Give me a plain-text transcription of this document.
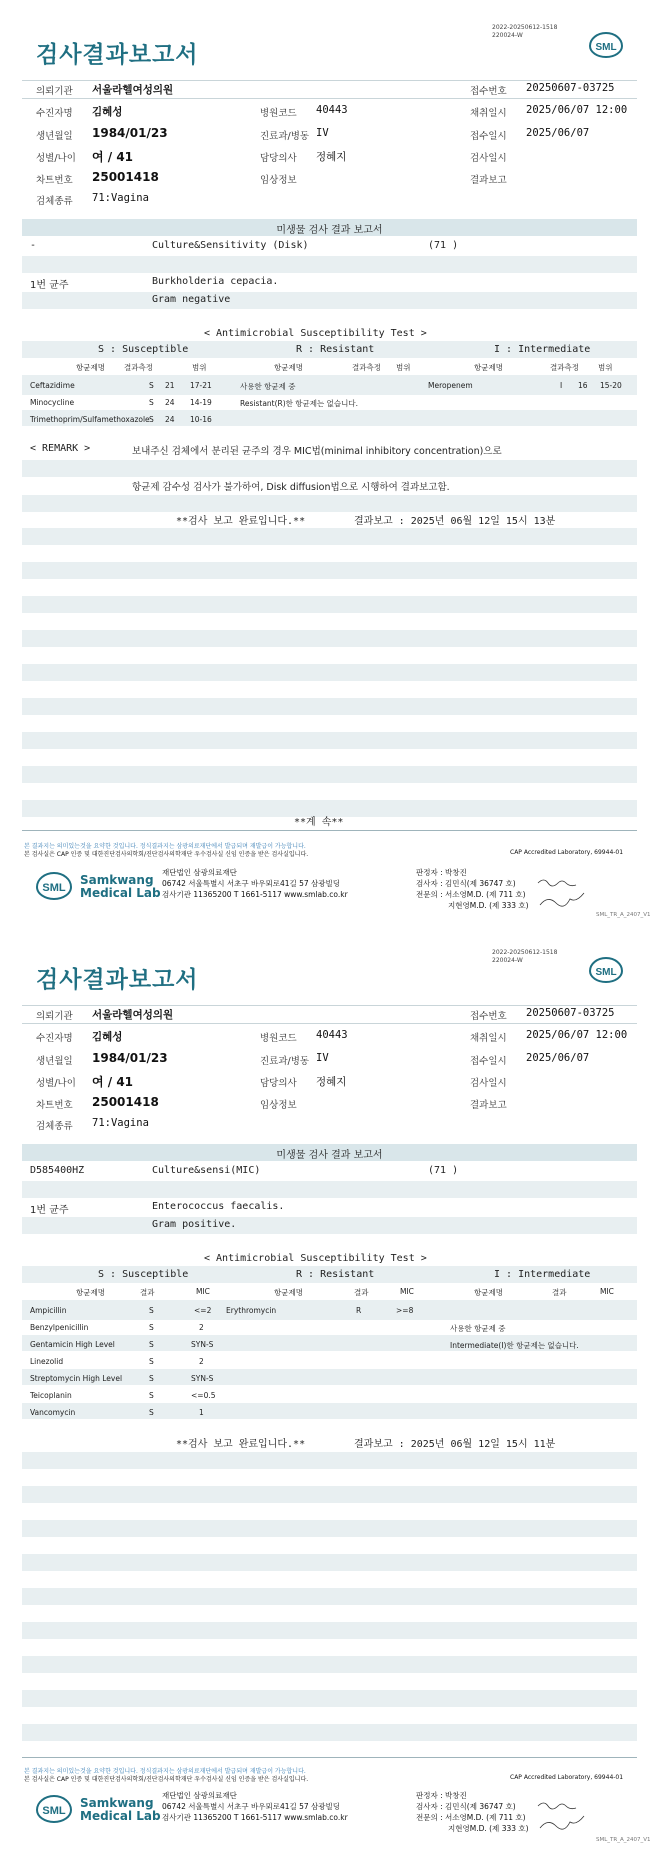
검사결과보고서
2022-20250612-1518
220024-W
SML
의뢰기관 서울라헬여성의원	접수번호 20250607-03725
수진자명 김혜성	병원코드 40443	채취일시 2025/06/07 12:00
생년월일 1984/01/23	진료과/병동 IV	접수일시 2025/06/07
성별/나이 여 / 41	담당의사 정혜지	검사일시
차트번호 25001418	임상정보	결과보고
검체종류 71:Vagina
미생물 검사 결과 보고서
-	Culture&Sensitivity (Disk)	(71 )
1번 균주	Burkholderia cepacia.
Gram negative
< Antimicrobial Susceptibility Test >
S : Susceptible	R : Resistant	I : Intermediate
항균제명	결과측정	범위	항균제명	결과측정 범위	항균제명	결과측정	범위
Ceftazidime	S 21 17-21	사용한 항균제 중	Meropenem	I 16 15-20
Minocycline	S 24 14-19	Resistant(R)한 항균제는 없습니다.
Trimethoprim/Sulfamethoxazole S 24 10-16
< REMARK >	보내주신 검체에서 분리된 균주의 경우 MIC법(minimal inhibitory concentration)으로
항균제 감수성 검사가 불가하여, Disk diffusion법으로 시행하여 결과보고함.
**검사 보고 완료입니다.**	결과보고 : 2025년 06월 12일 15시 13분
**계 속**
본 결과지는 의미있는것을 요약한 것입니다. 정식결과지는 삼광의료재단에서 발급되며 재발급이 가능합니다.
본 검사실은 CAP 인증 및 대한진단검사의학회/진단검사의학재단 우수검사실 신임 인증을 받은 검사실입니다.	CAP Accredited Laboratory, 69944-01
SML
Samkwang
Medical Lab
재단법인 삼광의료재단
06742 서울특별시 서초구 바우뫼로41길 57 삼광빌딩
검사기관 11365200 T 1661-5117 www.smlab.co.kr
판정자 : 박창진
검사자 : 김민식(제 36747 호)
전문의 : 서소영M.D. (제 711 호)
지현영M.D. (제 333 호)
SML_TR_A_2407_V1
검사결과보고서
2022-20250612-1518
220024-W
SML
의뢰기관 서울라헬여성의원	접수번호 20250607-03725
수진자명 김혜성	병원코드 40443	채취일시 2025/06/07 12:00
생년월일 1984/01/23	진료과/병동 IV	접수일시 2025/06/07
성별/나이 여 / 41	담당의사 정혜지	검사일시
차트번호 25001418	임상정보	결과보고
검체종류 71:Vagina
미생물 검사 결과 보고서
D585400HZ	Culture&sensi(MIC)	(71 )
1번 균주	Enterococcus faecalis.
Gram positive.
< Antimicrobial Susceptibility Test >
S : Susceptible	R : Resistant	I : Intermediate
항균제명	결과	MIC	항균제명	결과	MIC	항균제명	결과	MIC
Ampicillin	S	<=2 Erythromycin	R	>=8
Benzylpenicillin	S	2	사용한 항균제 중
Gentamicin High Level	S	SYN-S	Intermediate(I)한 항균제는 없습니다.
Linezolid	S	2
Streptomycin High Level	S	SYN-S
Teicoplanin	S	<=0.5
Vancomycin	S	1
**검사 보고 완료입니다.**	결과보고 : 2025년 06월 12일 15시 11분
본 결과지는 의미있는것을 요약한 것입니다. 정식결과지는 삼광의료재단에서 발급되며 재발급이 가능합니다.
본 검사실은 CAP 인증 및 대한진단검사의학회/진단검사의학재단 우수검사실 신임 인증을 받은 검사실입니다.	CAP Accredited Laboratory, 69944-01
SML
Samkwang
Medical Lab
재단법인 삼광의료재단
06742 서울특별시 서초구 바우뫼로41길 57 삼광빌딩
검사기관 11365200 T 1661-5117 www.smlab.co.kr
판정자 : 박창진
검사자 : 김민식(제 36747 호)
전문의 : 서소영M.D. (제 711 호)
지현영M.D. (제 333 호)
SML_TR_A_2407_V1
